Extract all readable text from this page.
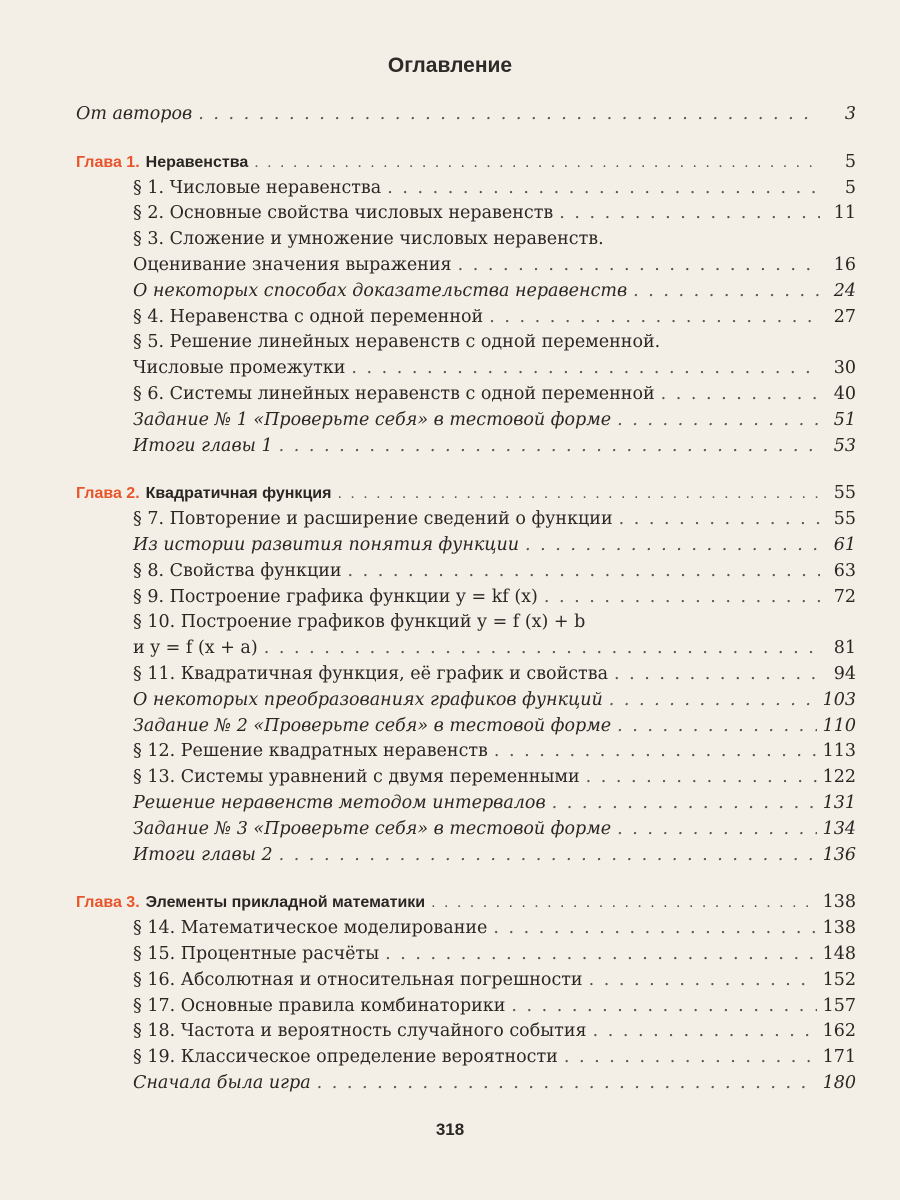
Оглавление
От авторов . . .	3
Глава 1. Неравенства . . .	5
§ 1. Числовые неравенства . . .	5
§ 2. Основные свойства числовых неравенств . . .	11
§ 3. Сложение и умножение числовых неравенств.
Оценивание значения выражения . . .	16
О некоторых способах доказательства неравенств . . .	24
§ 4. Неравенства с одной переменной . . .	27
§ 5. Решение линейных неравенств с одной переменной.
Числовые промежутки . . .	30
§ 6. Системы линейных неравенств с одной переменной . . .	40
Задание № 1 «Проверьте себя» в тестовой форме . . .	51
Итоги главы 1 . . .	53
Глава 2. Квадратичная функция . . .	55
§ 7. Повторение и расширение сведений о функции . . .	55
Из истории развития понятия функции . . .	61
§ 8. Свойства функции . . .	63
§ 9. Построение графика функции y = kf (x) . . .	72
§ 10. Построение графиков функций y = f (x) + b
и y = f (x + a) . . .	81
§ 11. Квадратичная функция, её график и свойства . . .	94
О некоторых преобразованиях графиков функций . . .	103
Задание № 2 «Проверьте себя» в тестовой форме . . .	110
§ 12. Решение квадратных неравенств . . .	113
§ 13. Системы уравнений с двумя переменными . . .	122
Решение неравенств методом интервалов . . .	131
Задание № 3 «Проверьте себя» в тестовой форме . . .	134
Итоги главы 2 . . .	136
Глава 3. Элементы прикладной математики . . .	138
§ 14. Математическое моделирование . . .	138
§ 15. Процентные расчёты . . .	148
§ 16. Абсолютная и относительная погрешности . . .	152
§ 17. Основные правила комбинаторики . . .	157
§ 18. Частота и вероятность случайного события . . .	162
§ 19. Классическое определение вероятности . . .	171
Сначала была игра . . .	180
318
